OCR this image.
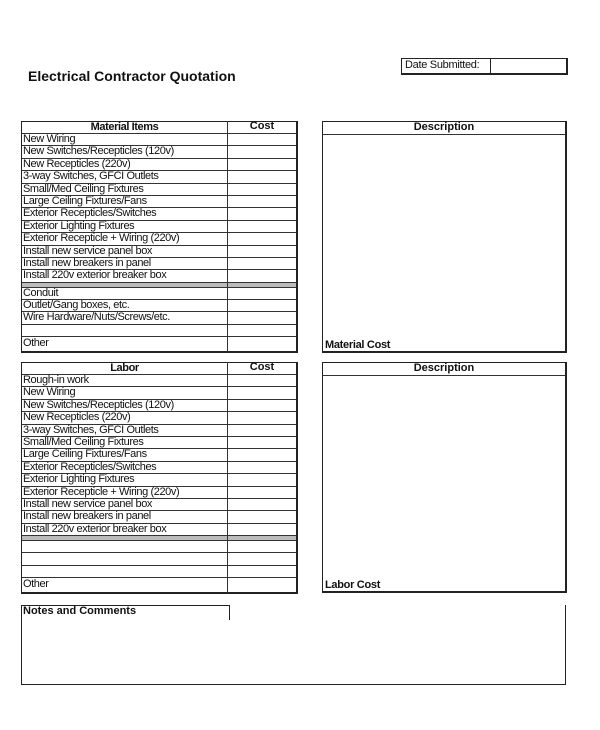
Electrical Contractor Quotation
Date Submitted:
Material Items	Cost
New Wiring
New Switches/Recepticles (120v)
New Recepticles (220v)
3-way Switches, GFCI Outlets
Small/Med Ceiling Fixtures
Large Ceiling Fixtures/Fans
Exterior Recepticles/Switches
Exterior Lighting Fixtures
Exterior Recepticle + Wiring (220v)
Install new service panel box
Install new breakers in panel
Install 220v exterior breaker box
Conduit
Outlet/Gang boxes, etc.
Wire Hardware/Nuts/Screws/etc.
Other
Description
Material Cost
Labor	Cost
Rough-in work
New Wiring
New Switches/Recepticles (120v)
New Recepticles (220v)
3-way Switches, GFCI Outlets
Small/Med Ceiling Fixtures
Large Ceiling Fixtures/Fans
Exterior Recepticles/Switches
Exterior Lighting Fixtures
Exterior Recepticle + Wiring (220v)
Install new service panel box
Install new breakers in panel
Install 220v exterior breaker box
Other
Description
Labor Cost
Notes and Comments
